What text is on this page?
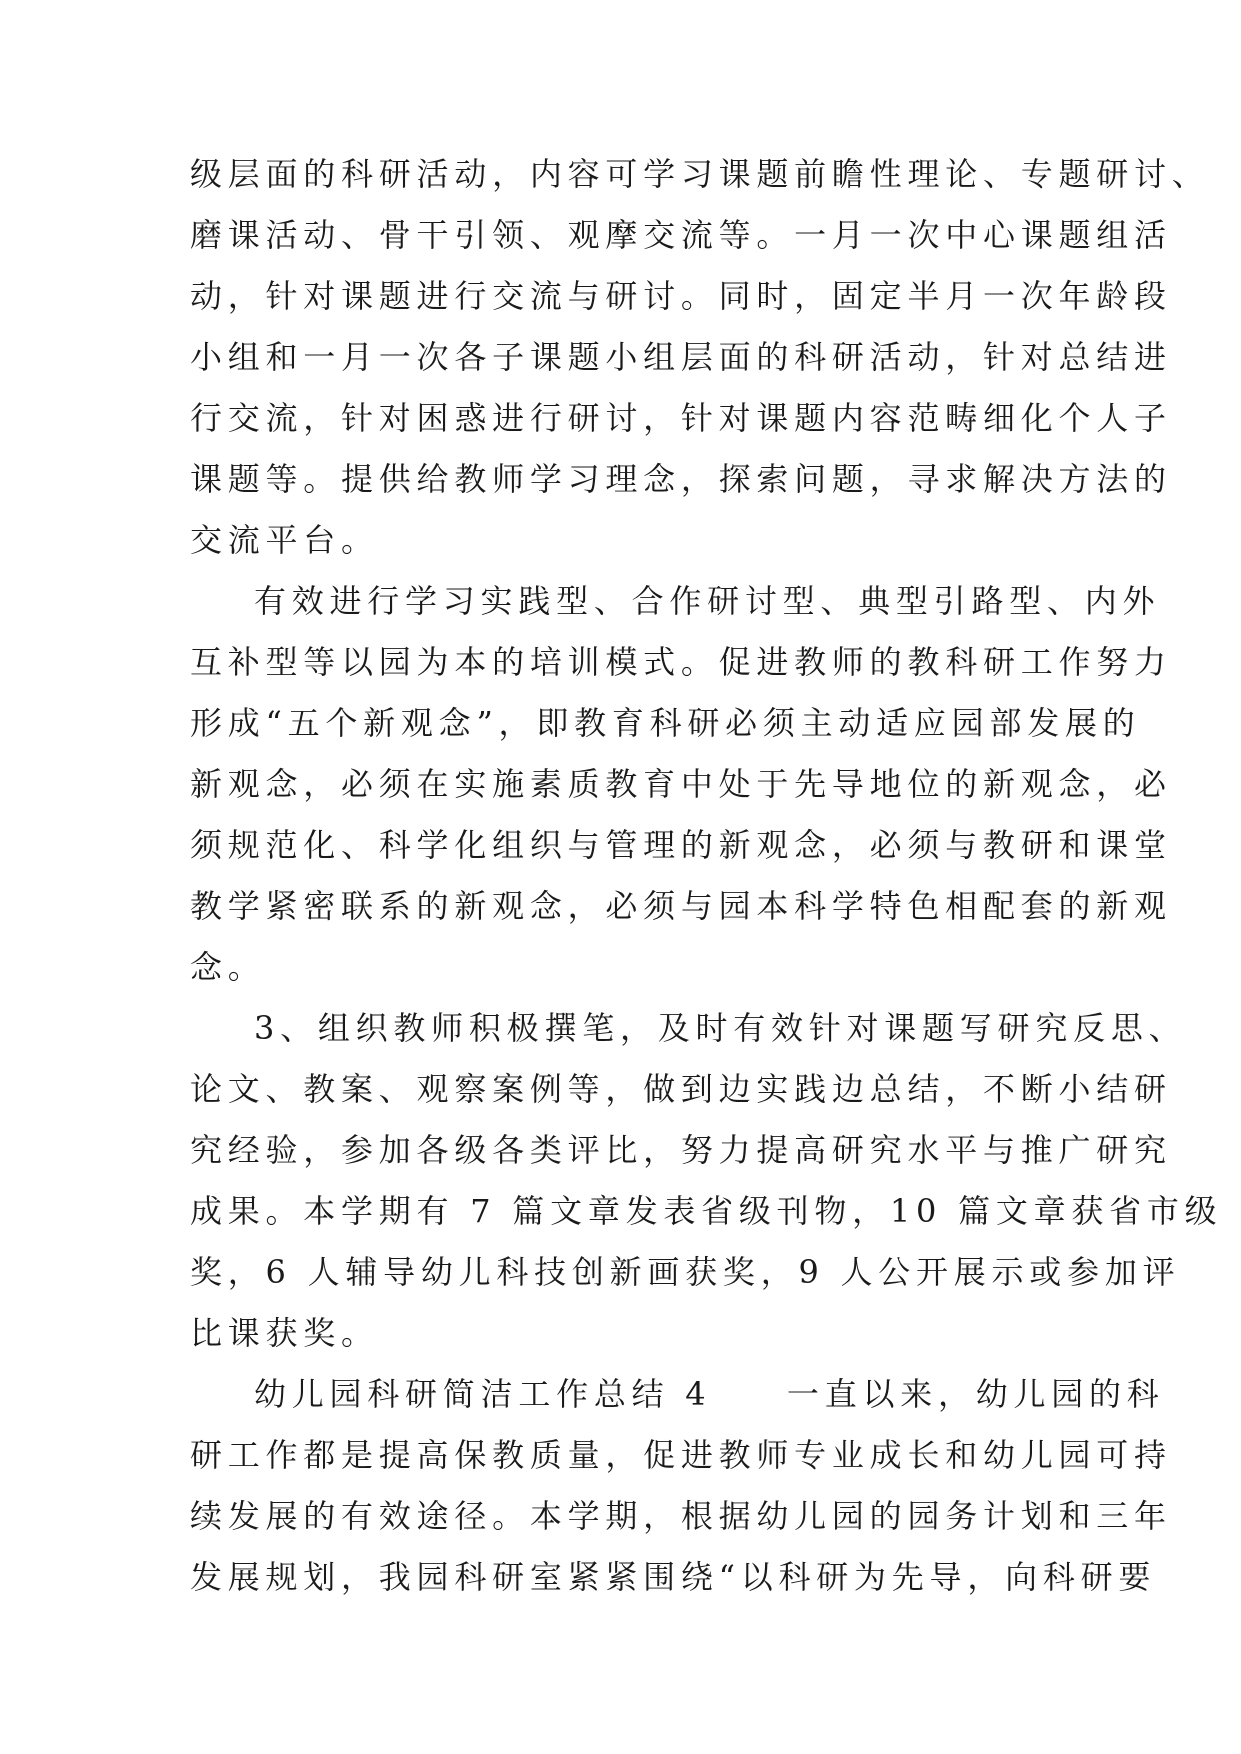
级层面的科研活动，内容可学习课题前瞻性理论、专题研讨、
磨课活动、骨干引领、观摩交流等。一月一次中心课题组活
动，针对课题进行交流与研讨。同时，固定半月一次年龄段
小组和一月一次各子课题小组层面的科研活动，针对总结进
行交流，针对困惑进行研讨，针对课题内容范畴细化个人子
课题等。提供给教师学习理念，探索问题，寻求解决方法的
交流平台。
有效进行学习实践型、合作研讨型、典型引路型、内外
互补型等以园为本的培训模式。促进教师的教科研工作努力
形成“五个新观念”，即教育科研必须主动适应园部发展的
新观念，必须在实施素质教育中处于先导地位的新观念，必
须规范化、科学化组织与管理的新观念，必须与教研和课堂
教学紧密联系的新观念，必须与园本科学特色相配套的新观
念。
3、组织教师积极撰笔，及时有效针对课题写研究反思、
论文、教案、观察案例等，做到边实践边总结，不断小结研
究经验，参加各级各类评比，努力提高研究水平与推广研究
成果。本学期有 7 篇文章发表省级刊物，10 篇文章获省市级
奖，6 人辅导幼儿科技创新画获奖，9 人公开展示或参加评
比课获奖。
幼儿园科研简洁工作总结 4　　一直以来，幼儿园的科
研工作都是提高保教质量，促进教师专业成长和幼儿园可持
续发展的有效途径。本学期，根据幼儿园的园务计划和三年
发展规划，我园科研室紧紧围绕“以科研为先导，向科研要
